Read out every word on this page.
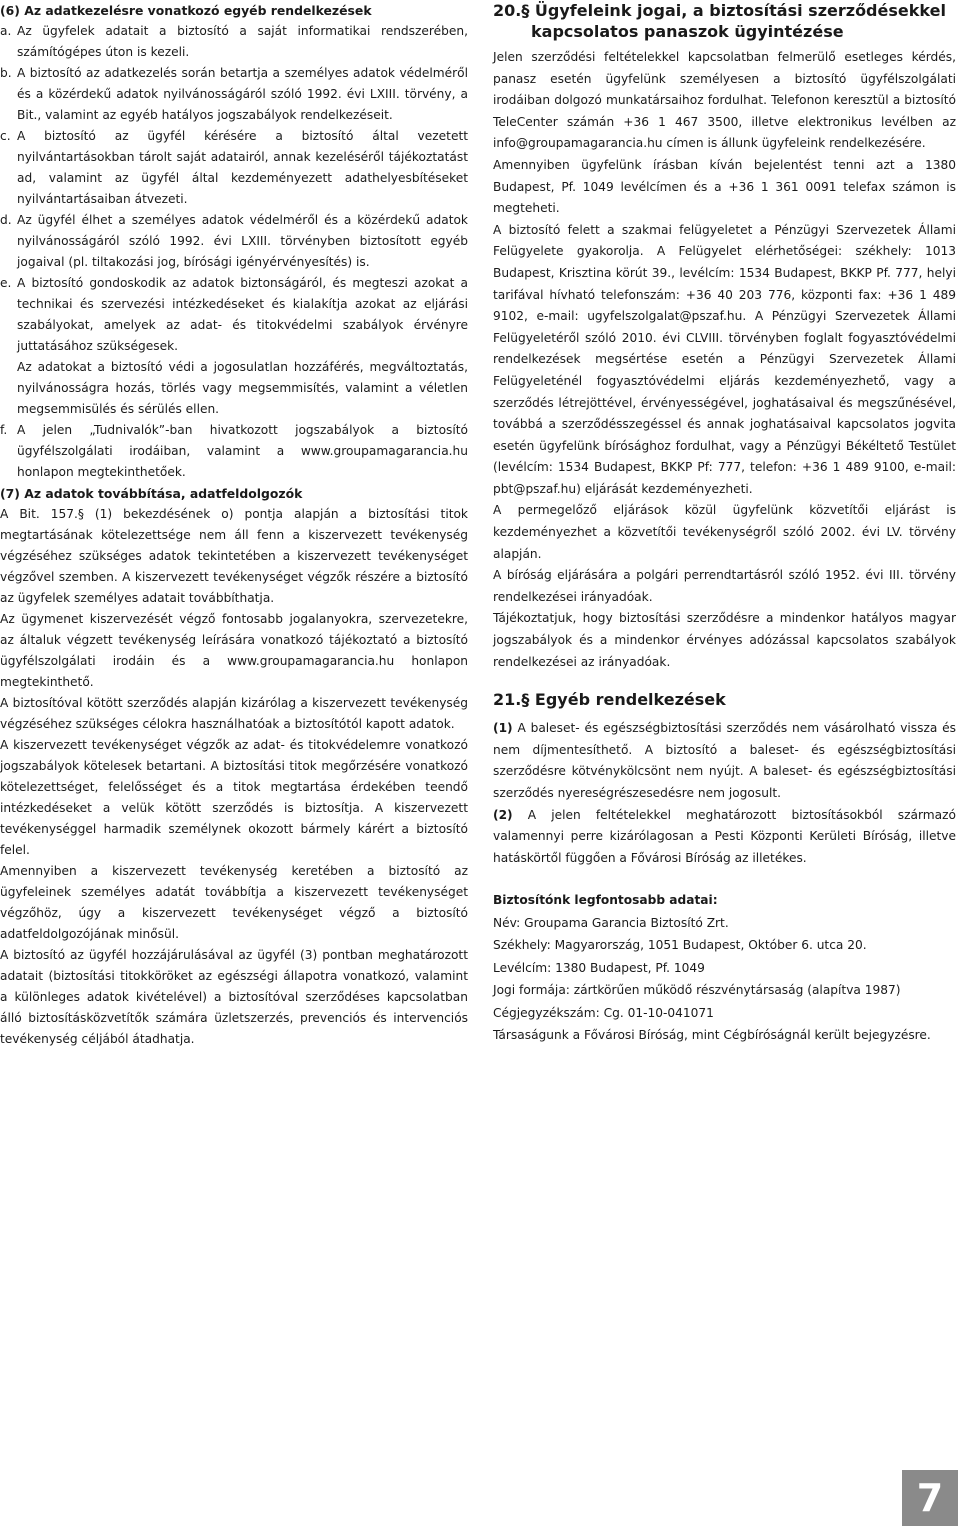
(6) Az adatkezelésre vonatkozó egyéb rendelkezések
a. Az ügyfelek adatait a biztosító a saját informatikai rendszerében, számítógépes úton is kezeli.
b. A biztosító az adatkezelés során betartja a személyes adatok védelméről és a közérdekű adatok nyilvánosságáról szóló 1992. évi LXIII. törvény, a Bit., valamint az egyéb hatályos jogszabályok rendelkezéseit.
c. A biztosító az ügyfél kérésére a biztosító által vezetett nyilvántartásokban tárolt saját adatairól, annak kezeléséről tájékoztatást ad, valamint az ügyfél által kezdeményezett adathelyesbítéseket nyilvántartásaiban átvezeti.
d. Az ügyfél élhet a személyes adatok védelméről és a közérdekű adatok nyilvánosságáról szóló 1992. évi LXIII. törvényben biztosított egyéb jogaival (pl. tiltakozási jog, bírósági igényérvényesítés) is.
e. A biztosító gondoskodik az adatok biztonságáról, és megteszi azokat a technikai és szervezési intézkedéseket és kialakítja azokat az eljárási szabályokat, amelyek az adat- és titokvédelmi szabályok érvényre juttatásához szükségesek.

Az adatokat a biztosító védi a jogosulatlan hozzáférés, megváltoztatás, nyilvánosságra hozás, törlés vagy megsemmisítés, valamint a véletlen megsemmisülés és sérülés ellen.

f. A jelen „Tudnivalók”-ban hivatkozott jogszabályok a biztosító ügyfélszolgálati irodáiban, valamint a www.groupamagarancia.hu honlapon megtekinthetőek.
(7) Az adatok továbbítása, adatfeldolgozók

A Bit. 157.§ (1) bekezdésének o) pontja alapján a biztosítási titok megtartásának kötelezettsége nem áll fenn a kiszervezett tevékenység végzéséhez szükséges adatok tekintetében a kiszervezett tevékenységet végzővel szemben. A kiszervezett tevékenységet végzők részére a biztosító az ügyfelek személyes adatait továbbíthatja.

Az ügymenet kiszervezését végző fontosabb jogalanyokra, szervezetekre, az általuk végzett tevékenység leírására vonatkozó tájékoztató a biztosító ügyfélszolgálati irodáin és a www.groupamagarancia.hu honlapon megtekinthető.

A biztosítóval kötött szerződés alapján kizárólag a kiszervezett tevékenység végzéséhez szükséges célokra használhatóak a biztosítótól kapott adatok.

A kiszervezett tevékenységet végzők az adat- és titokvédelemre vonatkozó jogszabályok kötelesek betartani. A biztosítási titok megőrzésére vonatkozó kötelezettséget, felelősséget és a titok megtartása érdekében teendő intézkedéseket a velük kötött szerződés is biztosítja. A kiszervezett tevékenységgel harmadik személynek okozott bármely kárért a biztosító felel.

Amennyiben a kiszervezett tevékenység keretében a biztosító az ügyfeleinek személyes adatát továbbítja a kiszervezett tevékenységet végzőhöz, úgy a kiszervezett tevékenységet végző a biztosító adatfeldolgozójának minősül.

A biztosító az ügyfél hozzájárulásával az ügyfél (3) pontban meghatározott adatait (biztosítási titokköröket az egészségi állapotra vonatkozó, valamint a különleges adatok kivételével) a biztosítóval szerződéses kapcsolatban álló biztosításközvetítők számára üzletszerzés, prevenciós és intervenciós tevékenység céljából átadhatja.

20.§ Ügyfeleink jogai, a biztosítási szerződésekkel
kapcsolatos panaszok ügyintézése

Jelen szerződési feltételekkel kapcsolatban felmerülő esetleges kérdés, panasz esetén ügyfelünk személyesen a biztosító ügyfélszolgálati irodáiban dolgozó munkatársaihoz fordulhat. Telefonon keresztül a biztosító TeleCenter számán +36 1 467 3500, illetve elektronikus levélben az info@groupamagarancia.hu címen is állunk ügyfeleink rendelkezésére.

Amennyiben ügyfelünk írásban kíván bejelentést tenni azt a 1380 Budapest, Pf. 1049 levélcímen és a +36 1 361 0091 telefax számon is megteheti.

A biztosító felett a szakmai felügyeletet a Pénzügyi Szervezetek Állami Felügyelete gyakorolja. A Felügyelet elérhetőségei: székhely: 1013 Budapest, Krisztina körút 39., levélcím: 1534 Budapest, BKKP Pf. 777, helyi tarifával hívható telefonszám: +36 40 203 776, központi fax: +36 1 489 9102, e-mail: ugyfelszolgalat@pszaf.hu. A Pénzügyi Szervezetek Állami Felügyeletéről szóló 2010. évi CLVIII. törvényben foglalt fogyasztóvédelmi rendelkezések megsértése esetén a Pénzügyi Szervezetek Állami Felügyeleténél fogyasztóvédelmi eljárás kezdeményezhető, vagy a szerződés létrejöttével, érvényességével, joghatásaival és megszűnésével, továbbá a szerződésszegéssel és annak joghatásaival kapcsolatos jogvita esetén ügyfelünk bírósághoz fordulhat, vagy a Pénzügyi Békéltető Testület (levélcím: 1534 Budapest, BKKP Pf: 777, telefon: +36 1 489 9100, e-mail: pbt@pszaf.hu) eljárását kezdeményezheti.

A permegelőző eljárások közül ügyfelünk közvetítői eljárást is kezdeményezhet a közvetítői tevékenységről szóló 2002. évi LV. törvény alapján.

A bíróság eljárására a polgári perrendtartásról szóló 1952. évi III. törvény rendelkezései irányadóak.

Tájékoztatjuk, hogy biztosítási szerződésre a mindenkor hatályos magyar jogszabályok és a mindenkor érvényes adózással kapcsolatos szabályok rendelkezései az irányadóak.

21.§ Egyéb rendelkezések

(1) A baleset- és egészségbiztosítási szerződés nem vásárolható vissza és nem díjmentesíthető. A biztosító a baleset- és egészségbiztosítási szerződésre kötvénykölcsönt nem nyújt. A baleset- és egészségbiztosítási szerződés nyereségrészesedésre nem jogosult.

(2) A jelen feltételekkel meghatározott biztosításokból származó valamennyi perre kizárólagosan a Pesti Központi Kerületi Bíróság, illetve hatáskörtől függően a Fővárosi Bíróság az illetékes.

Biztosítónk legfontosabb adatai:

Név: Groupama Garancia Biztosító Zrt.

Székhely: Magyarország, 1051 Budapest, Október 6. utca 20.

Levélcím: 1380 Budapest, Pf. 1049

Jogi formája: zártkörűen működő részvénytársaság (alapítva 1987)

Cégjegyzékszám: Cg. 01-10-041071

Társaságunk a Fővárosi Bíróság, mint Cégbíróságnál került bejegyzésre.

7
